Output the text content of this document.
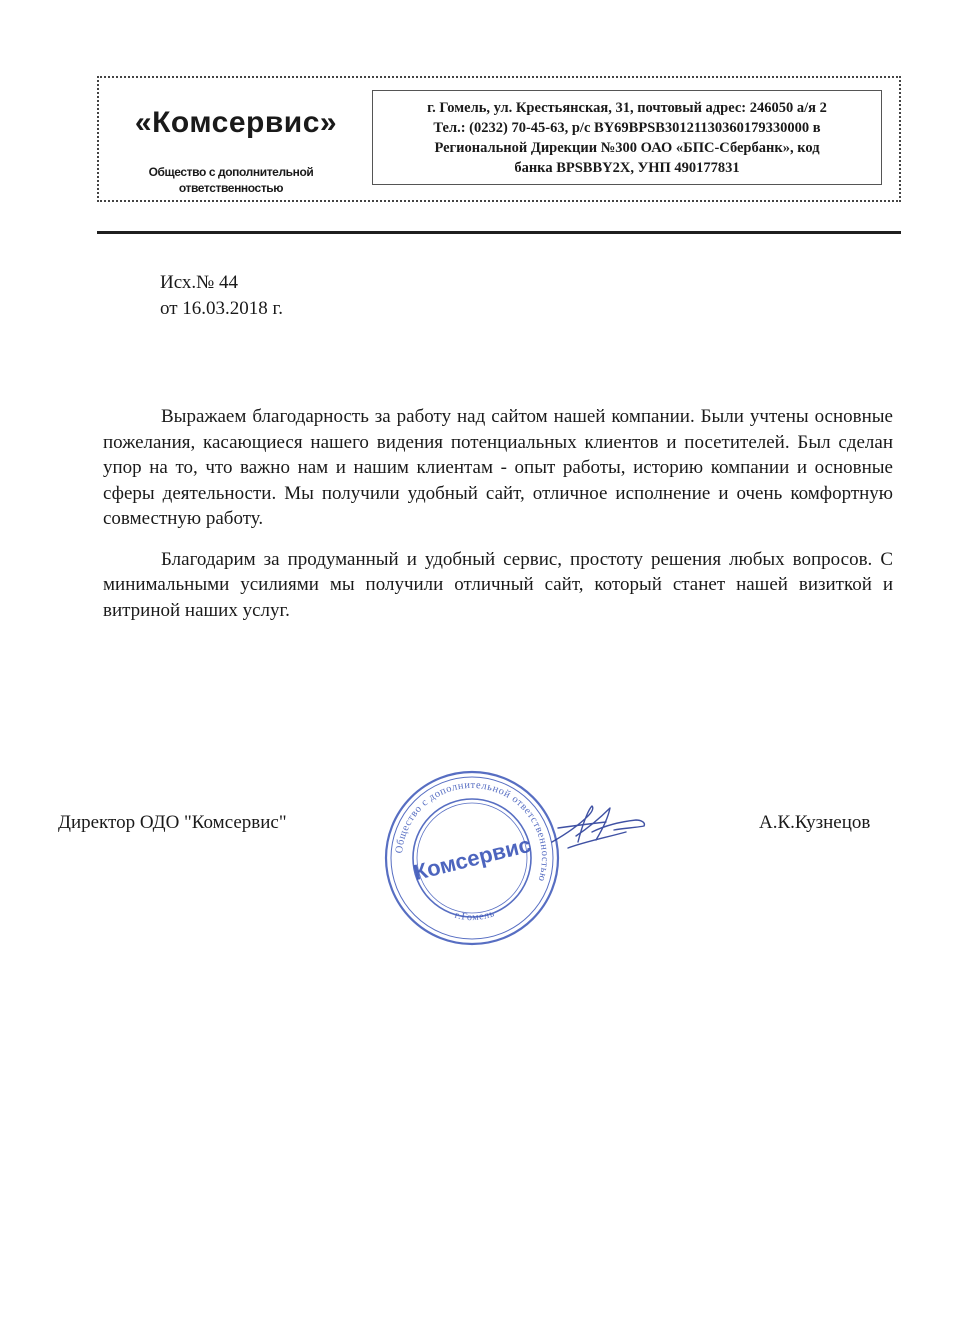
«Комсервис»
Общество с дополнительной
ответственностью
г. Гомель, ул. Крестьянская, 31, почтовый адрес: 246050 а/я 2
Тел.: (0232) 70-45-63, р/с BY69BPSB30121130360179330000 в
Региональной Дирекции №300 ОАО «БПС-Сбербанк», код
банка BPSBBY2X, УНП 490177831
Исх.№ 44
от 16.03.2018 г.

Выражаем благодарность за работу над сайтом нашей компании. Были учтены основные пожелания, касающиеся нашего видения потенциальных клиентов и посетителей. Был сделан упор на то, что важно нам и нашим клиентам - опыт работы, историю компании и основные сферы деятельности. Мы получили удобный сайт, отличное исполнение и очень комфортную совместную работу.

Благодарим за продуманный и удобный сервис, простоту решения любых вопросов. С минимальными усилиями мы получили отличный сайт, который станет нашей визиткой и витриной наших услуг.

Директор ОДО "Комсервис"
Общество с дополнительной ответственностью
г.Гомель
Комсервис
А.К.Кузнецов
